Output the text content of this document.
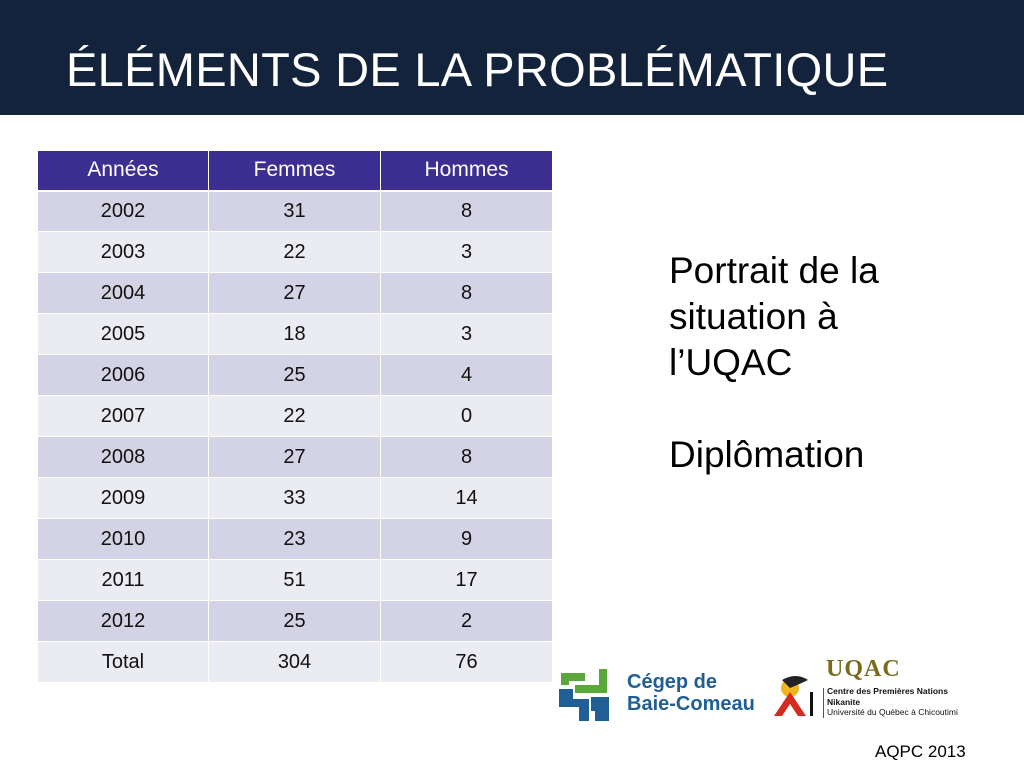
ÉLÉMENTS DE LA PROBLÉMATIQUE
Années	Femmes	Hommes
2002	31	8
2003	22	3
2004	27	8
2005	18	3
2006	25	4
2007	22	0
2008	27	8
2009	33	14
2010	23	9
2011	51	17
2012	25	2
Total	304	76
Portrait de la
situation à
l’UQAC
Diplômation
Cégep de
Baie-Comeau
UQAC
Centre des Premières Nations
Nikanite
Université du Québec à Chicoutimi
AQPC 2013
